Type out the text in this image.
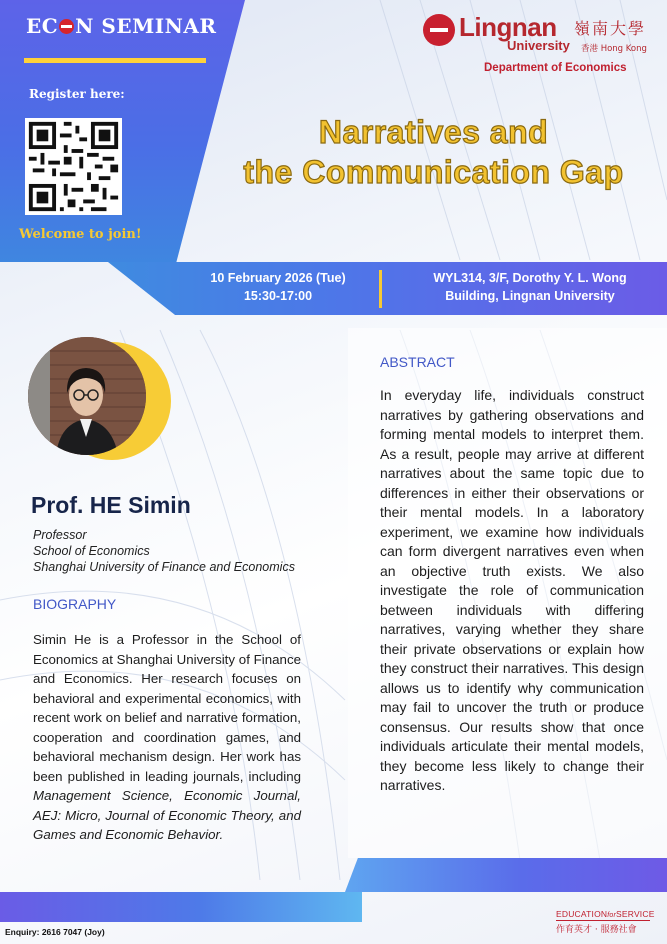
EC N SEMINAR
Register here:
Welcome to join!
Lingnan 嶺南大學
University 香港 Hong Kong
Department of Economics
Narratives and
the Communication Gap
10 February 2026 (Tue)
15:30-17:00
WYL314, 3/F, Dorothy Y. L. Wong
Building, Lingnan University
Prof. HE Simin
Professor
School of Economics
Shanghai University of Finance and Economics
BIOGRAPHY
Simin He is a Professor in the School of Economics at Shanghai University of Finance and Economics. Her research focuses on behavioral and experimental economics, with recent work on belief and narrative formation, cooperation and coordination games, and behavioral mechanism design. Her work has been published in leading journals, including Management Science, Economic Journal, AEJ: Micro, Journal of Economic Theory, and Games and Economic Behavior.
ABSTRACT
In everyday life, individuals construct narratives by gathering observations and forming mental models to interpret them. As a result, people may arrive at different narratives about the same topic due to differences in either their observations or their mental models. In a laboratory experiment, we examine how individuals can form divergent narratives even when an objective truth exists. We also investigate the role of communication between individuals with differing narratives, varying whether they share their private observations or explain how they construct their narratives. This design allows us to identify why communication may fail to uncover the truth or produce consensus. Our results show that once individuals articulate their mental models, they become less likely to change their narratives.
Enquiry: 2616 7047 (Joy)
EDUCATIONforSERVICE
作育英才 · 服務社會
